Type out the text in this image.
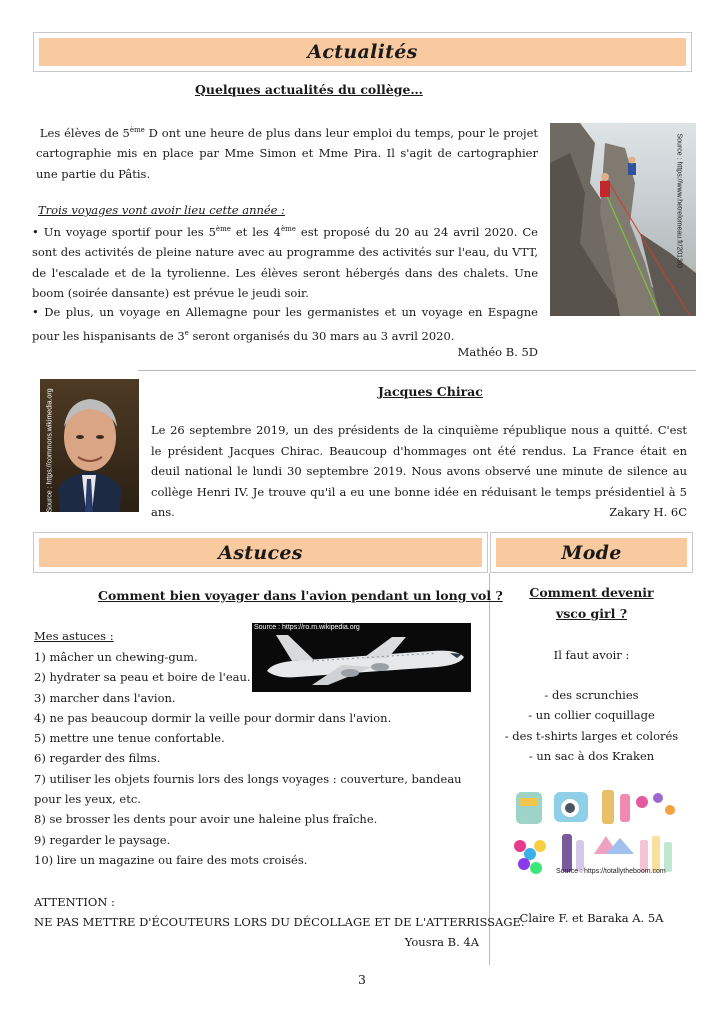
Actualités
Quelques actualités du collège…
Les élèves de 5ème D ont une heure de plus dans leur emploi du temps, pour le projet cartographie mis en place par Mme Simon et Mme Pira. Il s'agit de cartographier une partie du Pâtis.
Trois voyages vont avoir lieu cette année :
• Un voyage sportif pour les 5ème et les 4ème est proposé du 20 au 24 avril 2020. Ce sont des activités de pleine nature avec au programme des activités sur l'eau, du VTT, de l'escalade et de la tyrolienne. Les élèves seront hébergés dans des chalets. Une boom (soirée dansante) est prévue le jeudi soir.
• De plus, un voyage en Allemagne pour les germanistes et un voyage en Espagne pour les hispanisants de 3e seront organisés du 30 mars au 3 avril 2020.
Mathéo B. 5D
Source : https://www.hetrelomeau.fr/2013/0
Source : https://commons.wikimedia.org	Jacques Chirac
Le 26 septembre 2019, un des présidents de la cinquième république nous a quitté. C'est le président Jacques Chirac. Beaucoup d'hommages ont été rendus. La France était en deuil national le lundi 30 septembre 2019. Nous avons observé une minute de silence au collège Henri IV. Je trouve qu'il a eu une bonne idée en réduisant le temps présidentiel à 5 ans.	Zakary H. 6C
Astuces	Mode
Comment bien voyager dans l'avion pendant un long vol ?
Mes astuces :
1) mâcher un chewing-gum.
2) hydrater sa peau et boire de l'eau.
3) marcher dans l'avion.
4) ne pas beaucoup dormir la veille pour dormir dans l'avion.
5) mettre une tenue confortable.
6) regarder des films.
7) utiliser les objets fournis lors des longs voyages : couverture, bandeau pour les yeux, etc.
8) se brosser les dents pour avoir une haleine plus fraîche.
9) regarder le paysage.
10) lire un magazine ou faire des mots croisés.
Source : https://ro.m.wikipedia.org
ATTENTION :
NE PAS METTRE D'ÉCOUTEURS LORS DU DÉCOLLAGE ET DE L'ATTERRISSAGE.
Yousra B. 4A
Comment devenir
vsco girl ?
Il faut avoir :
- des scrunchies
- un collier coquillage
- des t-shirts larges et colorés
- un sac à dos Kraken
Source : https://totallytheboom.com
Claire F. et Baraka A. 5A
3
